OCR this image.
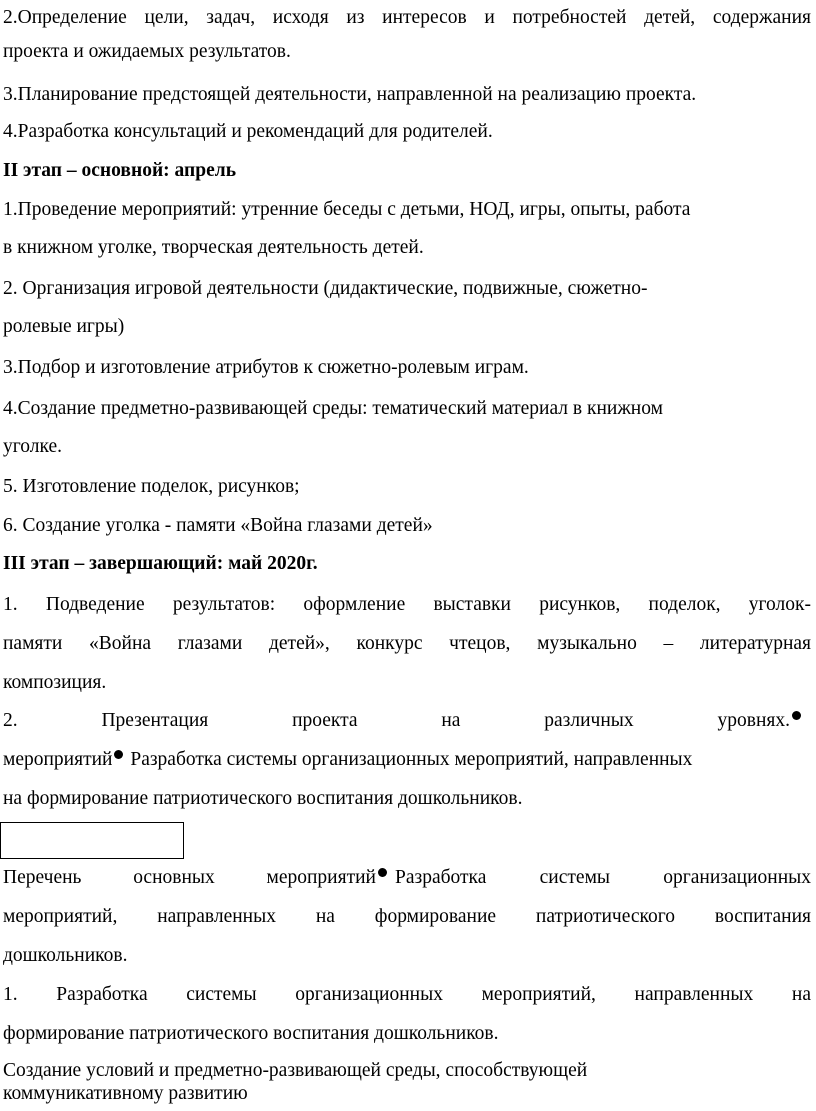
2.Определение цели, задач, исходя из интересов и потребностей детей, содержания

проекта и ожидаемых результатов.

3.Планирование предстоящей деятельности, направленной на реализацию проекта.

4.Разработка консультаций и рекомендаций для родителей.

II этап – основной: апрель

1.Проведение мероприятий: утренние беседы с детьми, НОД, игры, опыты, работа

в книжном уголке, творческая деятельность детей.

2. Организация игровой деятельности (дидактические, подвижные, сюжетно-

ролевые игры)

3.Подбор и изготовление атрибутов к сюжетно-ролевым играм.

4.Создание предметно-развивающей среды: тематический материал в книжном

уголке.

5. Изготовление поделок, рисунков;

6. Создание уголка - памяти «Война глазами детей»

III этап – завершающий: май 2020г.

1. Подведение результатов: оформление выставки рисунков, поделок, уголок-

памяти «Война глазами детей», конкурс чтецов, музыкально – литературная

композиция.

2.	Презентация	проекта	на	различных	уровнях.

мероприятий Разработка системы организационных мероприятий, направленных

на формирование патриотического воспитания дошкольников.

Перечень	основных	мероприятий Разработка	системы	организационных

мероприятий, направленных на формирование патриотического воспитания

дошкольников.

1. Разработка системы организационных мероприятий, направленных на

формирование патриотического воспитания дошкольников.

Создание условий и предметно-развивающей среды, способствующей

коммуникативному развитию
